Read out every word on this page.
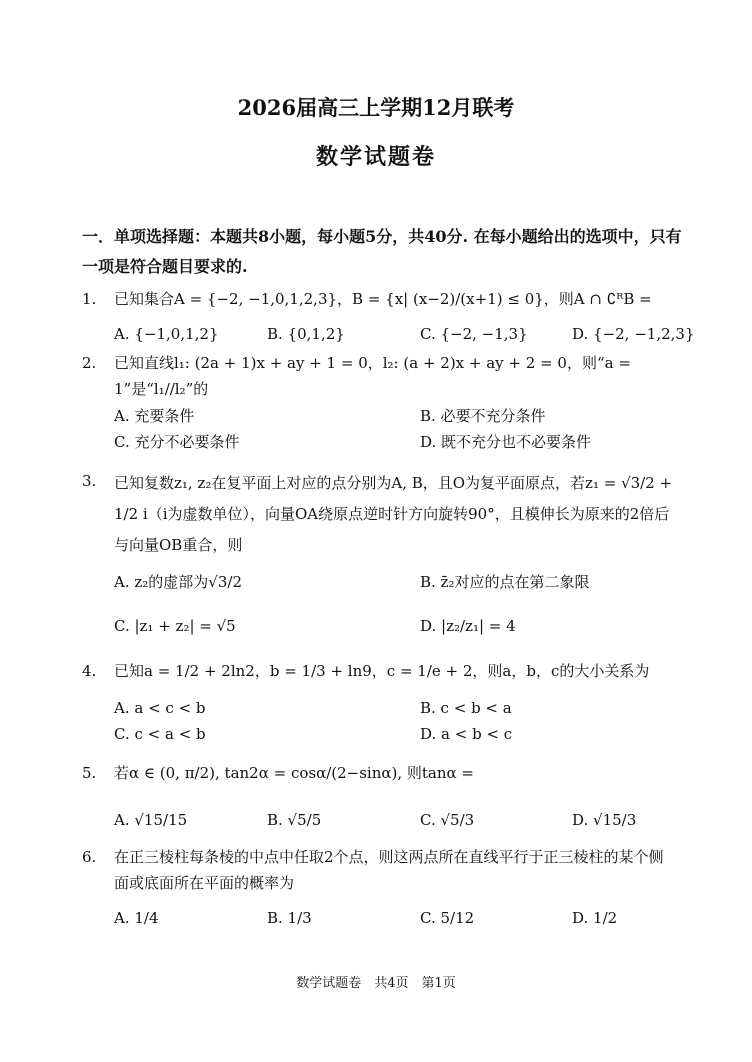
2026届高三上学期12月联考
数学试题卷
一．单项选择题：本题共8小题，每小题5分，共40分. 在每小题给出的选项中，只有一项是符合题目要求的.
1.	已知集合A = {−2, −1,0,1,2,3}，B = {x| (x−2)/(x+1) ≤ 0}，则A ∩ ∁ᴿB =
A. {−1,0,1,2}	B. {0,1,2}	C. {−2, −1,3}	D. {−2, −1,2,3}
2.	已知直线l₁: (2a + 1)x + ay + 1 = 0，l₂: (a + 2)x + ay + 2 = 0，则“a = 1”是“l₁//l₂”的
A. 充要条件	B. 必要不充分条件
C. 充分不必要条件	D. 既不充分也不必要条件
3.	已知复数z₁, z₂在复平面上对应的点分别为A, B，且O为复平面原点，若z₁ = √3/2 + 1/2 i（i为虚数单位），向量OA绕原点逆时针方向旋转90°，且模伸长为原来的2倍后与向量OB重合，则
A. z₂的虚部为√3/2	B. z̄₂对应的点在第二象限
C. |z₁ + z₂| = √5	D. |z₂/z₁| = 4
4.	已知a = 1/2 + 2ln2，b = 1/3 + ln9，c = 1/e + 2，则a，b，c的大小关系为
A. a < c < b	B. c < b < a
C. c < a < b	D. a < b < c
5.	若α ∈ (0, π/2), tan2α = cosα/(2−sinα), 则tanα =
A. √15/15	B. √5/5	C. √5/3	D. √15/3
6.	在正三棱柱每条棱的中点中任取2个点，则这两点所在直线平行于正三棱柱的某个侧面或底面所在平面的概率为
A. 1/4	B. 1/3	C. 5/12	D. 1/2
数学试题卷　共4页　第1页
